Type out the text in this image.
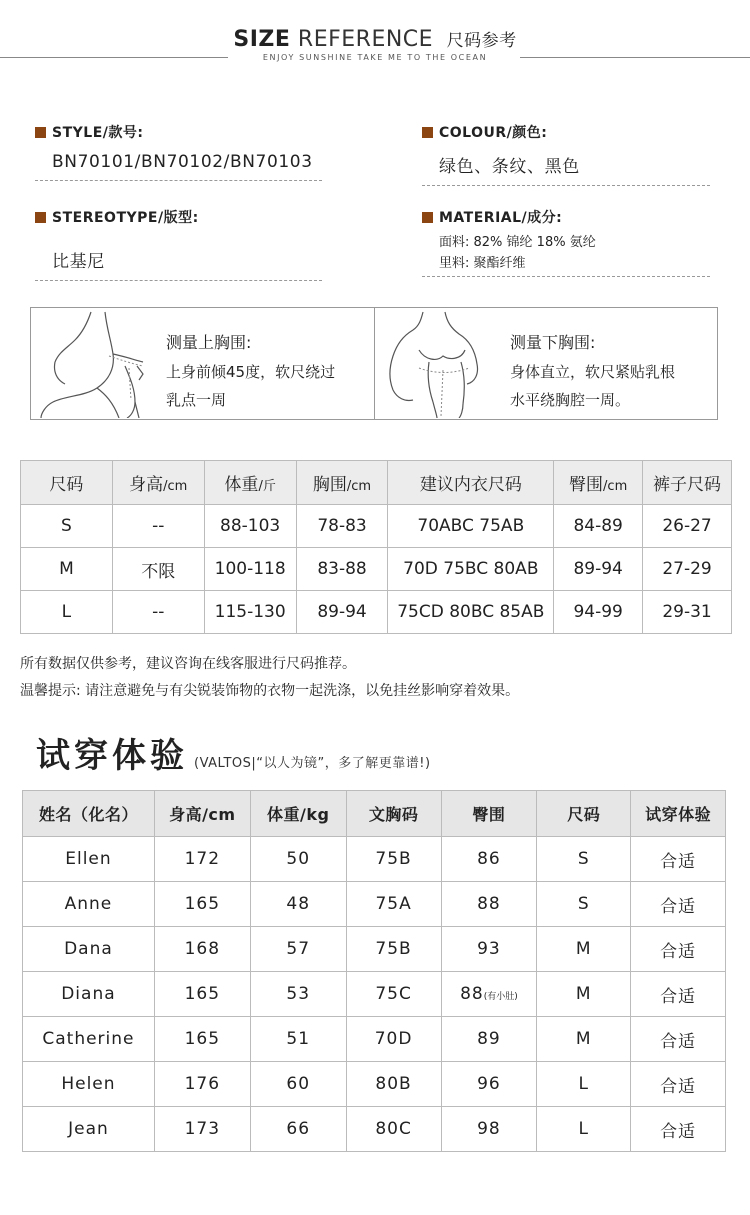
SIZE REFERENCE 尺码参考
ENJOY SUNSHINE TAKE ME TO THE OCEAN
STYLE/款号:
BN70101/BN70102/BN70103
COLOUR/颜色:
绿色、条纹、黑色
STEREOTYPE/版型:
比基尼
MATERIAL/成分:
面料: 82% 锦纶 18% 氨纶
里料: 聚酯纤维
测量上胸围:
上身前倾45度，软尺绕过
乳点一周
测量下胸围:
身体直立，软尺紧贴乳根
水平绕胸腔一周。
尺码	身高/cm	体重/斤	胸围/cm	建议内衣尺码	臀围/cm	裤子尺码
S	--	88-103	78-83	70ABC 75AB	84-89	26-27
M	不限	100-118	83-88	70D 75BC 80AB	89-94	27-29
L	--	115-130	89-94	75CD 80BC 85AB	94-99	29-31
所有数据仅供参考，建议咨询在线客服进行尺码推荐。
温馨提示: 请注意避免与有尖锐装饰物的衣物一起洗涤，以免挂丝影响穿着效果。
试穿体验 (VALTOS|“以人为镜”，多了解更靠谱!)
姓名（化名）	身高/cm	体重/kg	文胸码	臀围	尺码	试穿体验
Ellen	172	50	75B	86	S	合适
Anne	165	48	75A	88	S	合适
Dana	168	57	75B	93	M	合适
Diana	165	53	75C	88(有小肚)	M	合适
Catherine	165	51	70D	89	M	合适
Helen	176	60	80B	96	L	合适
Jean	173	66	80C	98	L	合适
